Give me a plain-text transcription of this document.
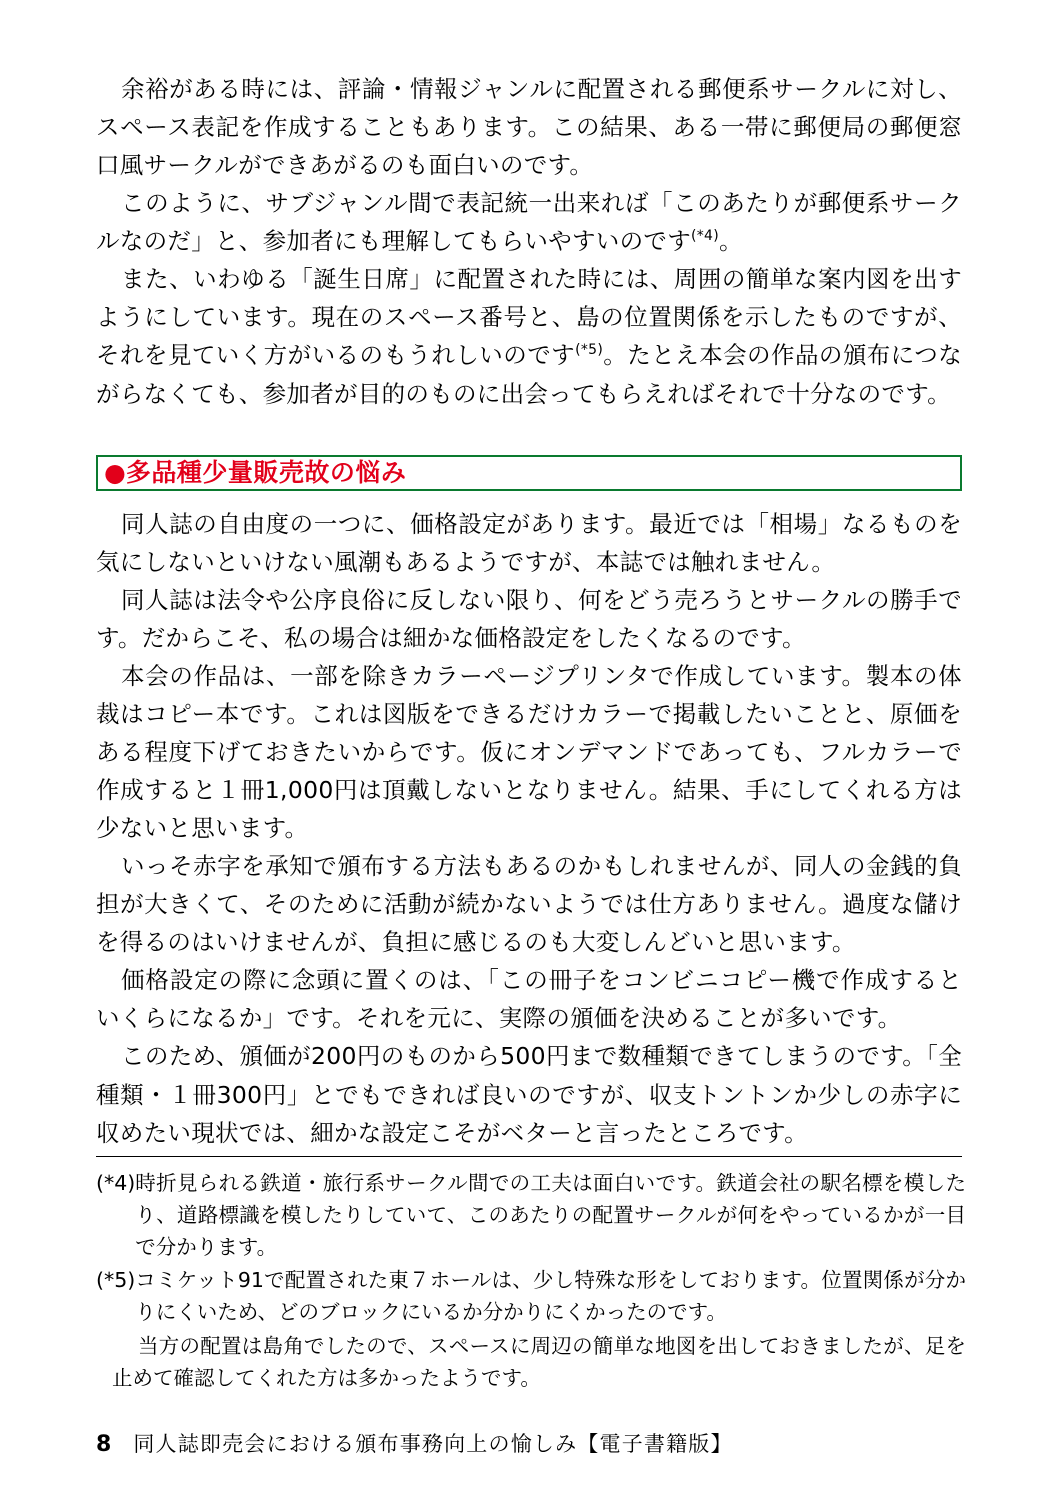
余裕がある時には、評論・情報ジャンルに配置される郵便系サークルに対し、スペース表記を作成することもあります。この結果、ある一帯に郵便局の郵便窓口風サークルができあがるのも面白いのです。

このように、サブジャンル間で表記統一出来れば「このあたりが郵便系サークルなのだ」と、参加者にも理解してもらいやすいのです$^{(*4)}$。

また、いわゆる「誕生日席」に配置された時には、周囲の簡単な案内図を出すようにしています。現在のスペース番号と、島の位置関係を示したものですが、それを見ていく方がいるのもうれしいのです$^{(*5)}$。たとえ本会の作品の頒布につながらなくても、参加者が目的のものに出会ってもらえればそれで十分なのです。

● 多品種少量販売故の悩み

同人誌の自由度の一つに、価格設定があります。最近では「相場」なるものを気にしないといけない風潮もあるようですが、本誌では触れません。

同人誌は法令や公序良俗に反しない限り、何をどう売ろうとサークルの勝手です。だからこそ、私の場合は細かな価格設定をしたくなるのです。

本会の作品は、一部を除きカラーページプリンタで作成しています。製本の体裁はコピー本です。これは図版をできるだけカラーで掲載したいことと、原価をある程度下げておきたいからです。仮にオンデマンドであっても、フルカラーで作成すると１冊1,000円は頂戴しないとなりません。結果、手にしてくれる方は少ないと思います。

いっそ赤字を承知で頒布する方法もあるのかもしれませんが、同人の金銭的負担が大きくて、そのために活動が続かないようでは仕方ありません。過度な儲けを得るのはいけませんが、負担に感じるのも大変しんどいと思います。

価格設定の際に念頭に置くのは、「この冊子をコンビニコピー機で作成するといくらになるか」です。それを元に、実際の頒価を決めることが多いです。

このため、頒価が200円のものから500円まで数種類できてしまうのです。「全種類・１冊300円」とでもできれば良いのですが、収支トントンか少しの赤字に収めたい現状では、細かな設定こそがベターと言ったところです。

(*4) 時折見られる鉄道・旅行系サークル間での工夫は面白いです。鉄道会社の駅名標を模したり、道路標識を模したりしていて、このあたりの配置サークルが何をやっているかが一目で分かります。
(*5) コミケット91で配置された東７ホールは、少し特殊な形をしております。位置関係が分かりにくいため、どのブロックにいるか分かりにくかったのです。
当方の配置は島角でしたので、スペースに周辺の簡単な地図を出しておきましたが、足を止めて確認してくれた方は多かったようです。
8 同人誌即売会における頒布事務向上の愉しみ【電子書籍版】
